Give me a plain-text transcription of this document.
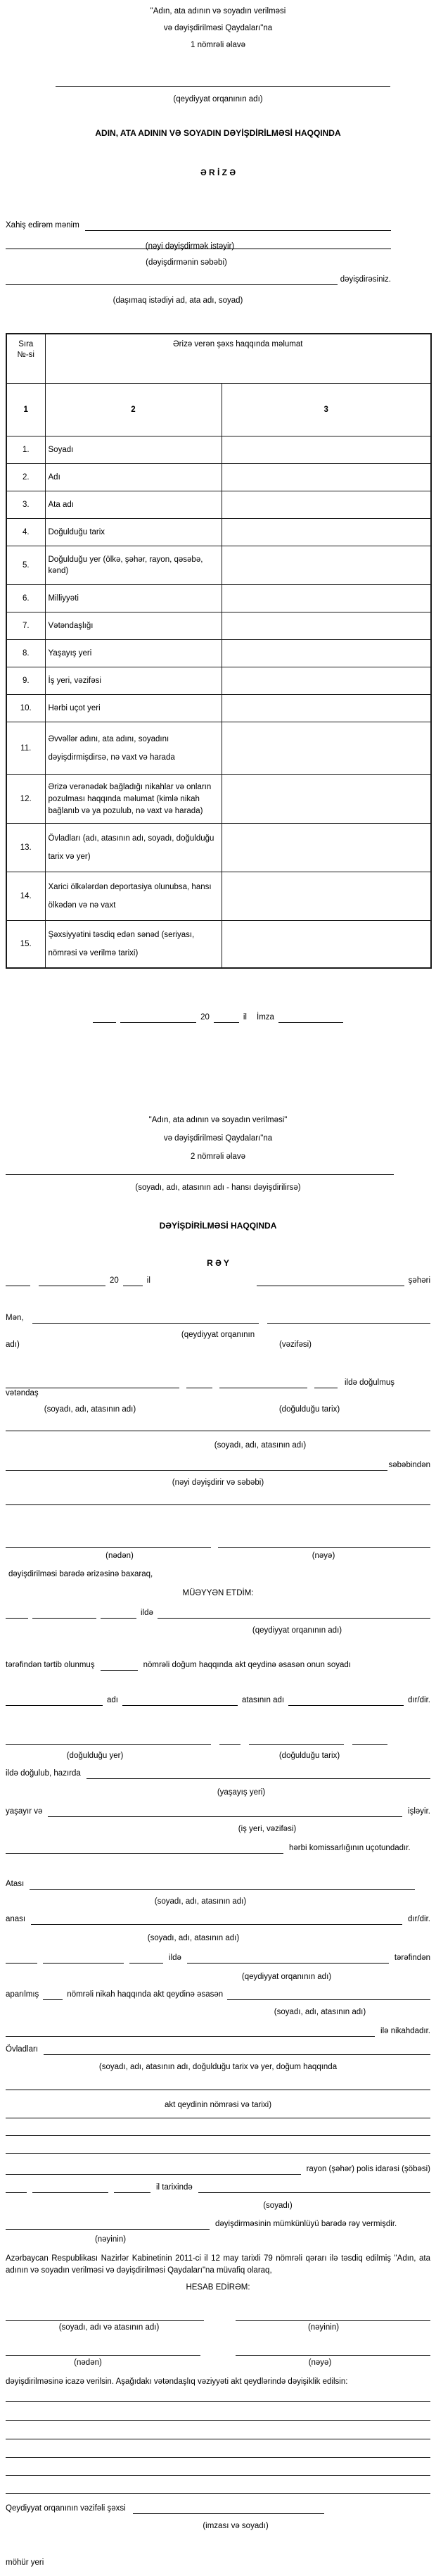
"Adın, ata adının və soyadın verilməsi
və dəyişdirilməsi Qaydaları"na
1 nömrəli əlavə
(qeydiyyat orqanının adı)
ADIN, ATA ADININ VƏ SOYADIN DƏYİŞDİRİLMƏSİ HAQQINDA
Ə R İ Z Ə
Xahiş edirəm mənim
(nəyi dəyişdirmək istəyir)
(dəyişdirmənin səbəbi)
dəyişdirəsiniz.
(daşımaq istədiyi ad, ata adı, soyad)
Sıra
№-si	Ərizə verən şəxs haqqında məlumat	
1	2	3
1.	Soyadı	
2.	Adı	
3.	Ata adı	
4.	Doğulduğu tarix	
5.	Doğulduğu yer (ölkə, şəhər, rayon, qəsəbə, kənd)	
6.	Milliyyəti	
7.	Vətəndaşlığı	
8.	Yaşayış yeri	
9.	İş yeri, vəzifəsi	
10.	Hərbi uçot yeri	
11.	Əvvəllər adını, ata adını, soyadını dəyişdirmişdirsə, nə vaxt və harada	
12.	Ərizə verənədək bağladığı nikahlar və onların pozulması haqqında məlumat (kimlə nikah bağlanıb və ya pozulub, nə vaxt və harada)	
13.	Övladları (adı, atasının adı, soyadı, doğulduğu tarix və yer)	
14.	Xarici ölkələrdən deportasiya olunubsa, hansı ölkədən və nə vaxt	
15.	Şəxsiyyətini təsdiq edən sənəd (seriyası, nömrəsi və verilmə tarixi)	
20	il İmza
"Adın, ata adının və soyadın verilməsi"
və dəyişdirilməsi Qaydaları"na
2 nömrəli əlavə
(soyadı, adı, atasının adı - hansı dəyişdirilirsə)
DƏYİŞDİRİLMƏSİ HAQQINDA
R Ə Y
20	il	şəhəri
Mən,
(qeydiyyat orqanının
adı)	(vəzifəsi)
ildə doğulmuş
vətəndaş
(soyadı, adı, atasının adı)	(doğulduğu tarix)
(soyadı, adı, atasının adı)
səbəbindən
(nəyi dəyişdirir və səbəbi)
(nədən)	(nəyə)
dəyişdirilməsi barədə ərizəsinə baxaraq,
MÜƏYYƏN ETDİM:
ildə
(qeydiyyat orqanının adı)
tərəfindən tərtib olunmuş	nömrəli doğum haqqında akt qeydinə əsasən onun soyadı
adı	atasının adı	dır/dir.
(doğulduğu yer)	(doğulduğu tarix)
ildə doğulub, hazırda
(yaşayış yeri)
yaşayır və	işləyir.
(iş yeri, vəzifəsi)
hərbi komissarlığının uçotundadır.
Atası
(soyadı, adı, atasının adı)
anası	dır/dir.
(soyadı, adı, atasının adı)
ildə	tərəfindən
(qeydiyyat orqanının adı)
aparılmış	nömrəli nikah haqqında akt qeydinə əsasən
(soyadı, adı, atasının adı)
ilə nikahdadır.
Övladları
(soyadı, adı, atasının adı, doğulduğu tarix və yer, doğum haqqında
akt qeydinin nömrəsi və tarixi)
rayon (şəhər) polis idarəsi (şöbəsi)
il tarixində
(soyadı)
dəyişdirməsinin mümkünlüyü barədə rəy vermişdir.
(nəyinin)
Azərbaycan Respublikası Nazirlər Kabinetinin 2011-ci il 12 may tarixli 79 nömrəli qərarı ilə təsdiq edilmiş "Adın, ata adının və soyadın verilməsi və dəyişdirilməsi Qaydaları"na müvafiq olaraq,
HESAB EDİRƏM:
(soyadı, adı və atasının adı)	(nəyinin)
(nədən)	(nəyə)
dəyişdirilməsinə icazə verilsin. Aşağıdakı vətəndaşlıq vəziyyəti akt qeydlərində dəyişiklik edilsin:
Qeydiyyat orqanının vəzifəli şəxsi
(imzası və soyadı)
möhür yeri
